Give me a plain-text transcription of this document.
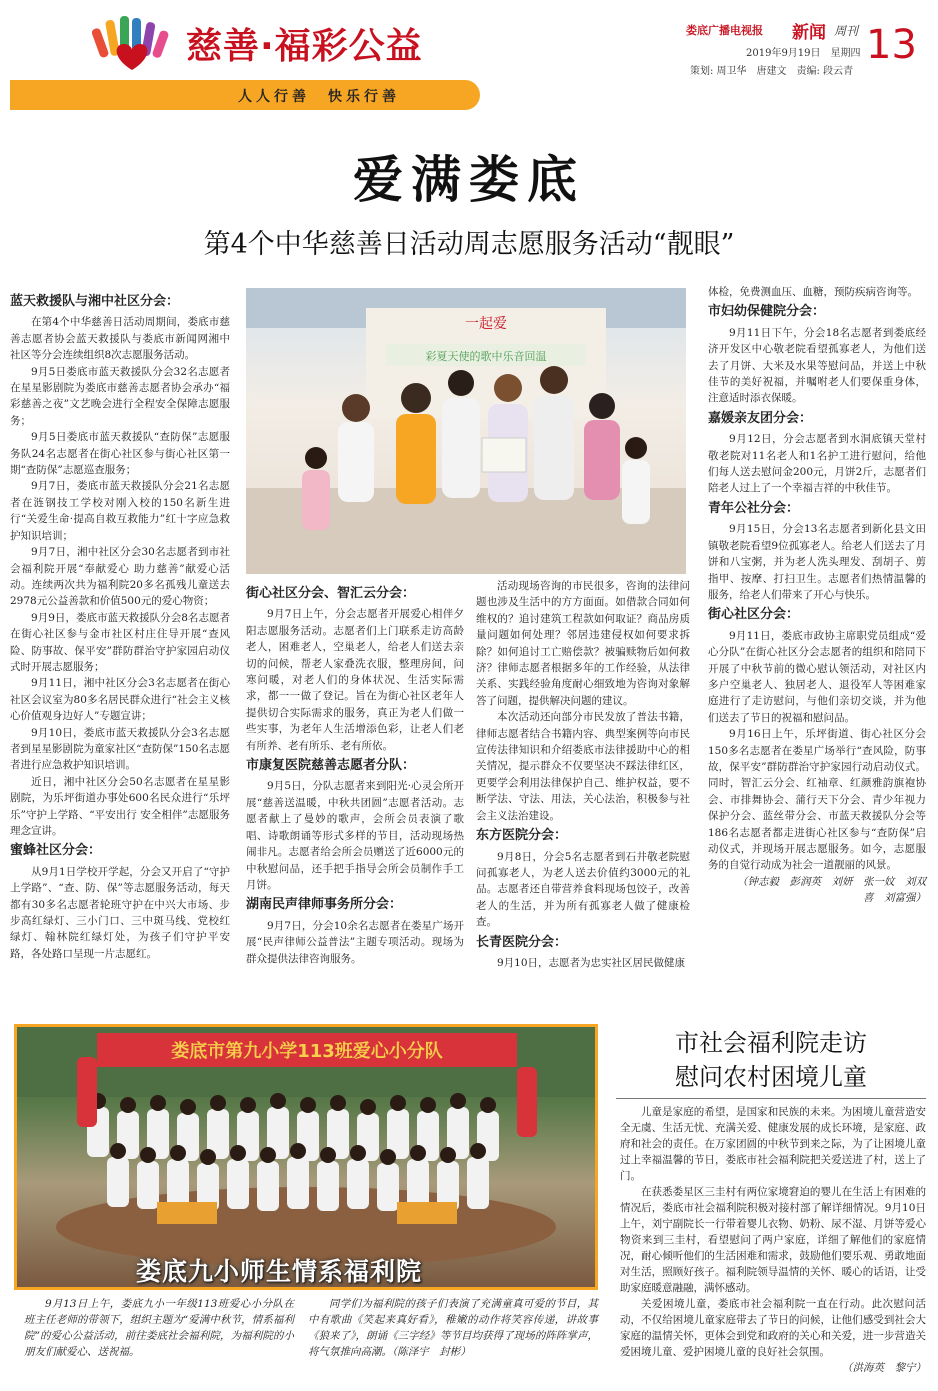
慈善·福彩公益
人人行善　快乐行善
娄底广播电视报 新闻 周刊 13
2019年9月19日　星期四
策划: 周卫华　唐建文　责编: 段云青
爱满娄底
第4个中华慈善日活动周志愿服务活动“靓眼”
蓝天救援队与湘中社区分会：

在第4个中华慈善日活动周期间，娄底市慈善志愿者协会蓝天救援队与娄底市新闻网湘中社区等分会连续组织8次志愿服务活动。

9月5日娄底市蓝天救援队分会32名志愿者在星星影剧院为娄底市慈善志愿者协会承办“福彩慈善之夜”文艺晚会进行全程安全保障志愿服务；

9月5日娄底市蓝天救援队“查防保”志愿服务队24名志愿者在街心社区参与街心社区第一期“查防保”志愿巡查服务；

9月7日，娄底市蓝天救援队分会21名志愿者在涟钢技工学校对刚入校的150名新生进行“关爱生命·提高自救互救能力”红十字应急救护知识培训；

9月7日，湘中社区分会30名志愿者到市社会福利院开展“奉献爱心 助力慈善”献爱心活动。连续两次共为福利院20多名孤残儿童送去2978元公益善款和价值500元的爱心物资；

9月9日，娄底市蓝天救援队分会8名志愿者在街心社区参与金市社区村庄住导开展“查风险、防事故、保平安”群防群治守护家园启动仪式时开展志愿服务；

9月11日，湘中社区分会3名志愿者在街心社区会议室为80多名居民群众进行“社会主义核心价值观身边好人”专题宣讲；

9月10日，娄底市蓝天救援队分会3名志愿者到星星影剧院为童家社区“查防保”150名志愿者进行应急救护知识培训。

近日，湘中社区分会50名志愿者在星星影剧院，为乐坪街道办事处600名民众进行“乐坪乐”守护上学路、“平安出行 安全相伴”志愿服务理念宣讲。

蜜蜂社区分会：

从9月1日学校开学起，分会又开启了“守护上学路”、“查、防、保”等志愿服务活动，每天都有30多名志愿者轮班守护在中兴大市场、步步高红绿灯、三小门口、三中斑马线、党校红绿灯、翰林院红绿灯处，为孩子们守护平安路，各处路口呈现一片志愿红。

一起爱
彩夏天使的歌中乐音回温
街心社区分会、智汇云分会：

9月7日上午，分会志愿者开展爱心相伴夕阳志愿服务活动。志愿者们上门联系走访高龄老人，困难老人，空巢老人，给老人们送去亲切的问候，帮老人家叠洗衣服，整理房间，问寒问暖，对老人们的身体状况、生活实际需求，都一一做了登记。旨在为街心社区老年人提供切合实际需求的服务，真正为老人们做一些实事，为老年人生活增添色彩，让老人们老有所养、老有所乐、老有所依。

市康复医院慈善志愿者分队：

9月5日，分队志愿者来到阳光·心灵会所开展“慈善送温暖，中秋共团圆”志愿者活动。志愿者献上了曼妙的歌声，会所会员表演了歌唱、诗歌朗诵等形式多样的节目，活动现场热闹非凡。志愿者给会所会员赠送了近6000元的中秋慰问品，还手把手指导会所会员制作手工月饼。

湖南民声律师事务所分会：

9月7日，分会10余名志愿者在娄星广场开展“民声律师公益普法”主题专项活动。现场为群众提供法律咨询服务。

活动现场咨询的市民很多，咨询的法律问题也涉及生活中的方方面面。如借款合同如何维权的？追讨建筑工程款如何取证？商品房质量问题如何处理？邻居违建侵权如何要求拆除？如何追讨工亡赔偿款？被骗赎物后如何救济？律师志愿者根据多年的工作经验，从法律关系、实践经验角度耐心细致地为咨询对象解答了问题，提供解决问题的建议。

本次活动还向部分市民发放了普法书籍，律师志愿者结合书籍内容、典型案例等向市民宣传法律知识和介绍娄底市法律援助中心的相关情况，提示群众不仅要坚决不踩法律红区，更要学会利用法律保护自己、维护权益，要不断学法、守法、用法，关心法治，积极参与社会主义法治建设。

东方医院分会：

9月8日，分会5名志愿者到石井敬老院慰问孤寡老人，为老人送去价值约3000元的礼品。志愿者还自带营养食料现场包饺子，改善老人的生活，并为所有孤寡老人做了健康检查。

长青医院分会：

9月10日，志愿者为忠实社区居民做健康

体检，免费测血压、血糖，预防疾病咨询等。

市妇幼保健院分会：

9月11日下午，分会18名志愿者到娄底经济开发区中心敬老院看望孤寡老人，为他们送去了月饼、大米及水果等慰问品，并送上中秋佳节的美好祝福，并嘱咐老人们要保重身体，注意适时添衣保暖。

嘉媛亲友团分会：

9月12日，分会志愿者到水洞底镇天堂村敬老院对11名老人和1名护工进行慰问，给他们每人送去慰问金200元，月饼2斤，志愿者们陪老人过上了一个幸福吉祥的中秋佳节。

青年公社分会：

9月15日，分会13名志愿者到新化县文田镇敬老院看望9位孤寡老人。给老人们送去了月饼和八宝粥，并为老人洗头理发、刮胡子、剪指甲、按摩、打扫卫生。志愿者们热情温馨的服务，给老人们带来了开心与快乐。

街心社区分会：

9月11日，娄底市政协主席职党员组成“爱心分队”在街心社区分会志愿者的组织和陪同下开展了中秋节前的微心慰认领活动，对社区内多户空巢老人、独居老人、退役军人等困难家庭进行了走访慰问，与他们亲切交谈，并为他们送去了节日的祝福和慰问品。

9月16日上午，乐坪街道、街心社区分会150多名志愿者在娄星广场举行“查风险，防事故，保平安”群防群治守护家园行动启动仪式。同时，智汇云分会、红袖章、红颜雅韵旗袍协会、市排舞协会、蒲行天下分会、青少年视力保护分会、蓝丝带分会、市蓝天救援队分会等186名志愿者都走进街心社区参与“查防保”启动仪式，并现场开展志愿服务。如今，志愿服务的自觉行动成为社会一道靓丽的风景。

（钟志毅　彭润英　刘妍　张一妏　刘双喜　刘富强）

娄底市第九小学113班爱心小分队
娄底九小师生情系福利院

9月13日上午，娄底九小一年级113班爱心小分队在班主任老师的带领下，组织主题为“爱满中秋节，情系福利院”的爱心公益活动，前往娄底社会福利院，为福利院的小朋友们献爱心、送祝福。

同学们为福利院的孩子们表演了充满童真可爱的节目，其中有歌曲《笑起来真好看》，稚嫩的动作将笑容传递，讲故事《狼来了》，朗诵《三字经》等节目均获得了现场的阵阵掌声，将气氛推向高潮。（陈泽宇　封彬）

市社会福利院走访
慰问农村困境儿童

儿童是家庭的希望，是国家和民族的未来。为困境儿童营造安全无虞、生活无忧、充满关爱、健康发展的成长环境，是家庭、政府和社会的责任。在万家团圆的中秋节到来之际，为了让困境儿童过上幸福温馨的节日，娄底市社会福利院把关爱送进了村，送上了门。

在获悉娄星区三圭村有两位家境窘迫的婴儿在生活上有困难的情况后，娄底市社会福利院积极对接村部了解详细情况。9月10日上午，刘宁副院长一行带着婴儿衣物、奶粉、尿不湿、月饼等爱心物资来到三圭村，看望慰问了两户家庭，详细了解他们的家庭情况，耐心倾听他们的生活困难和需求，鼓励他们要乐观、勇敢地面对生活，照顾好孩子。福利院领导温情的关怀、暖心的话语，让受助家庭暖意融融，满怀感动。

关爱困境儿童，娄底市社会福利院一直在行动。此次慰问活动，不仅给困境儿童家庭带去了节日的问候，让他们感受到社会大家庭的温情关怀，更体会到党和政府的关心和关爱，进一步营造关爱困境儿童、爱护困境儿童的良好社会氛围。

（洪海英　黎宁）
